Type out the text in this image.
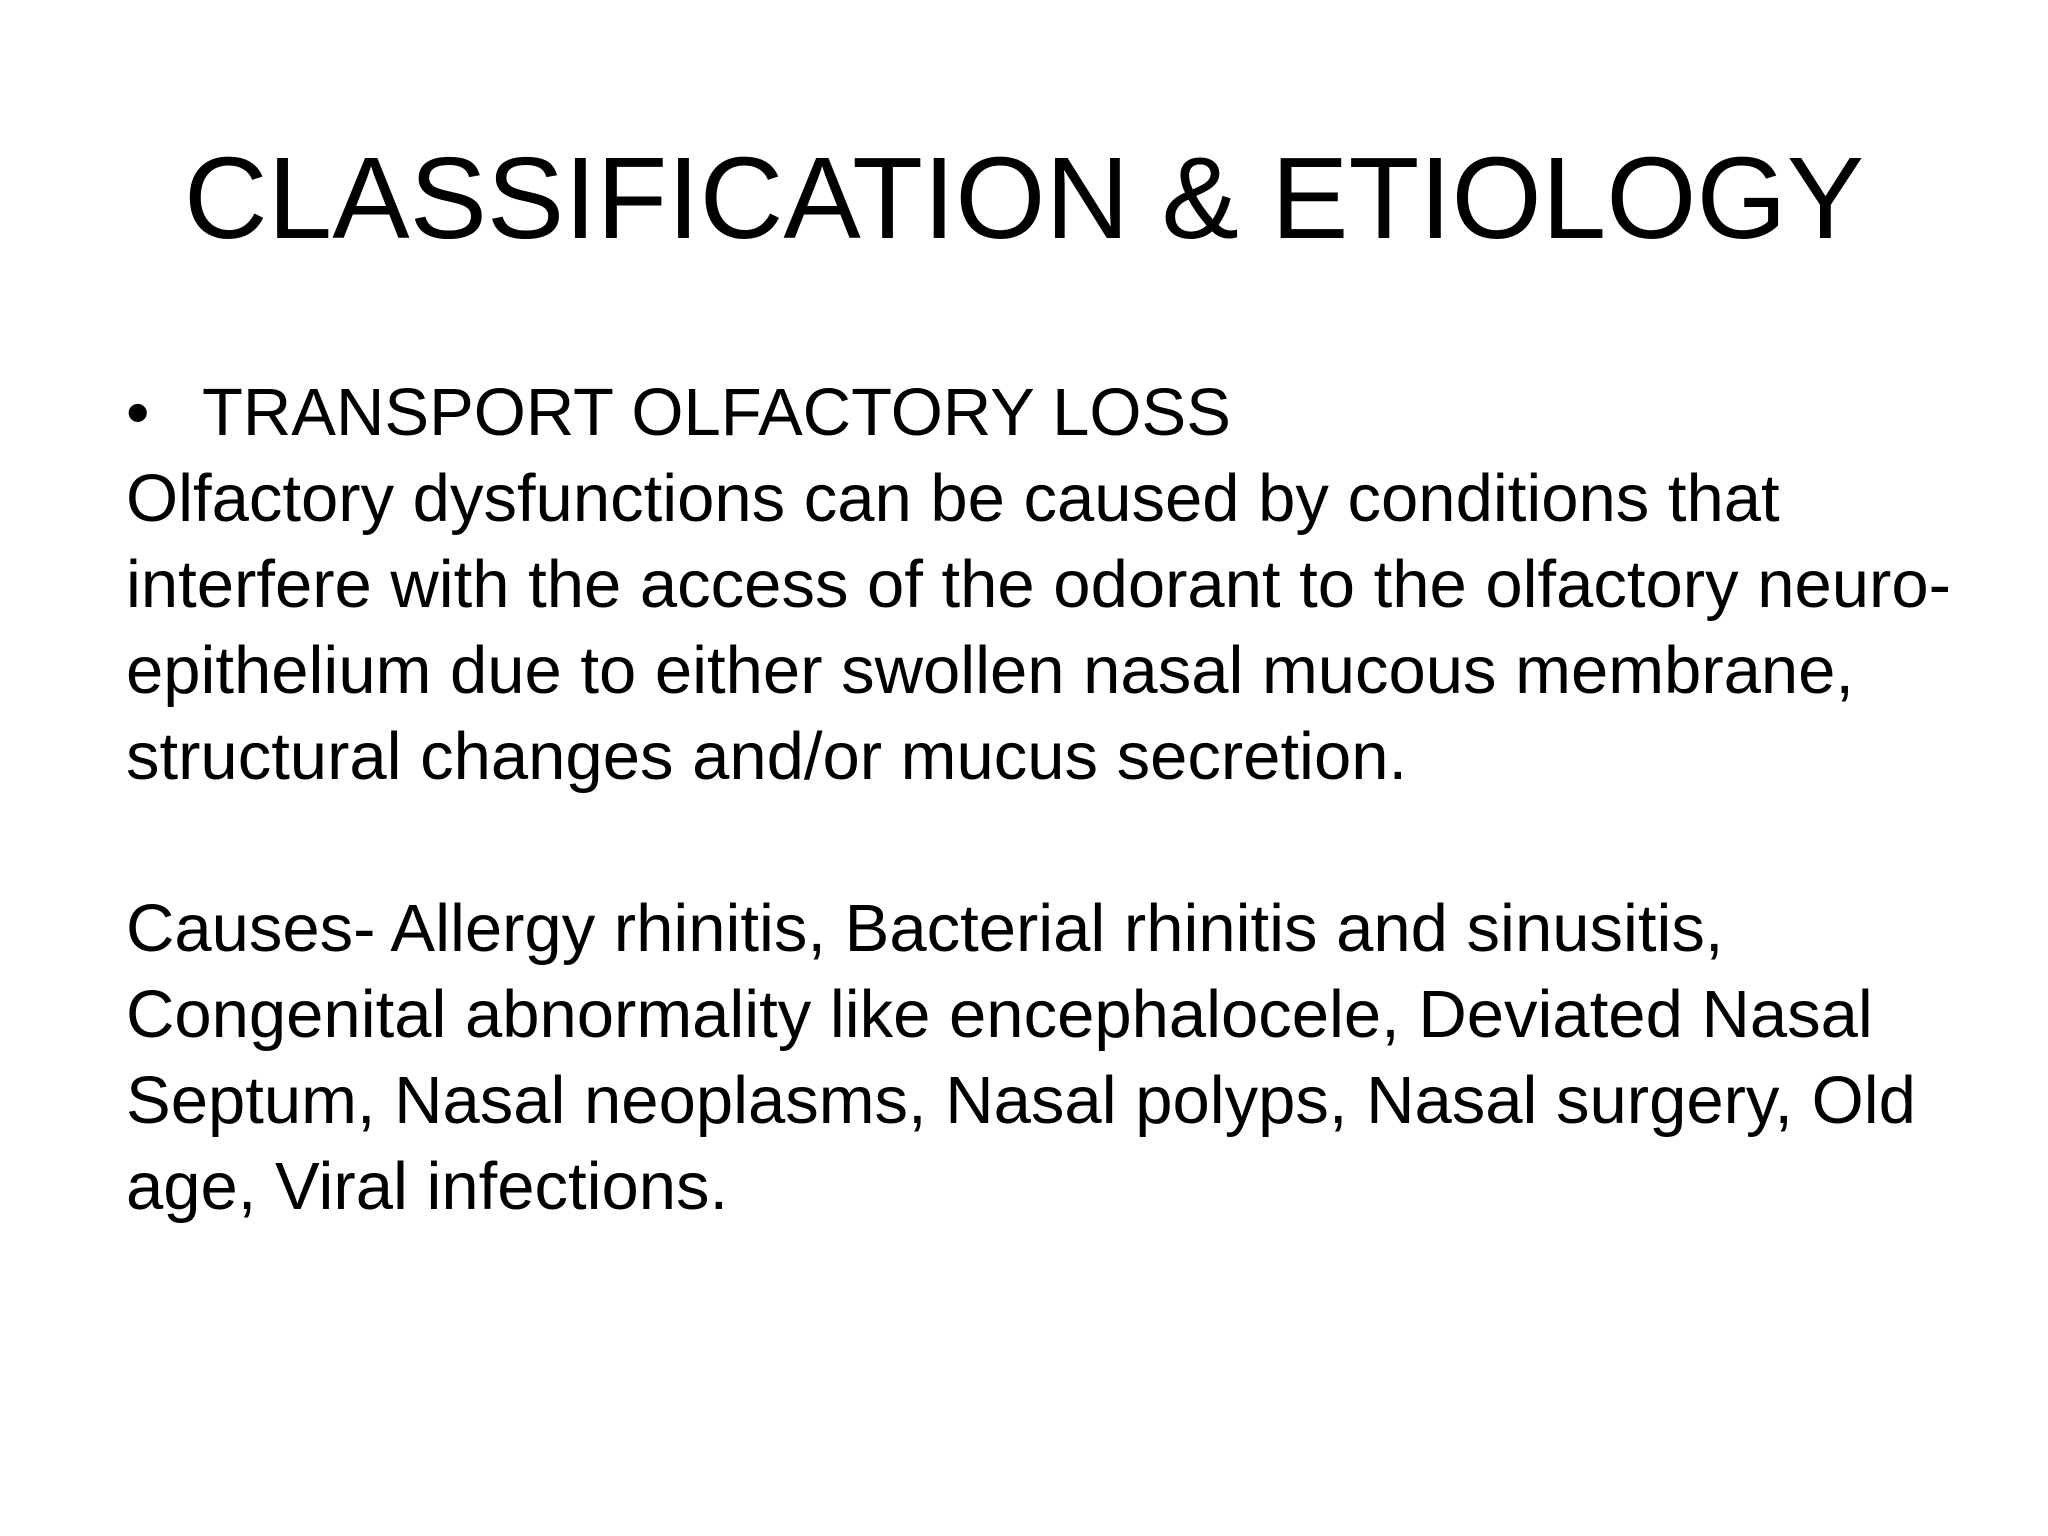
CLASSIFICATION & ETIOLOGY
• TRANSPORT OLFACTORY LOSS

Olfactory dysfunctions can be caused by conditions that interfere with the access of the odorant to the olfactory neuro-epithelium due to either swollen nasal mucous membrane, structural changes and/or mucus secretion.

Causes- Allergy rhinitis, Bacterial rhinitis and sinusitis, Congenital abnormality like encephalocele, Deviated Nasal Septum, Nasal neoplasms, Nasal polyps, Nasal surgery, Old age, Viral infections.
